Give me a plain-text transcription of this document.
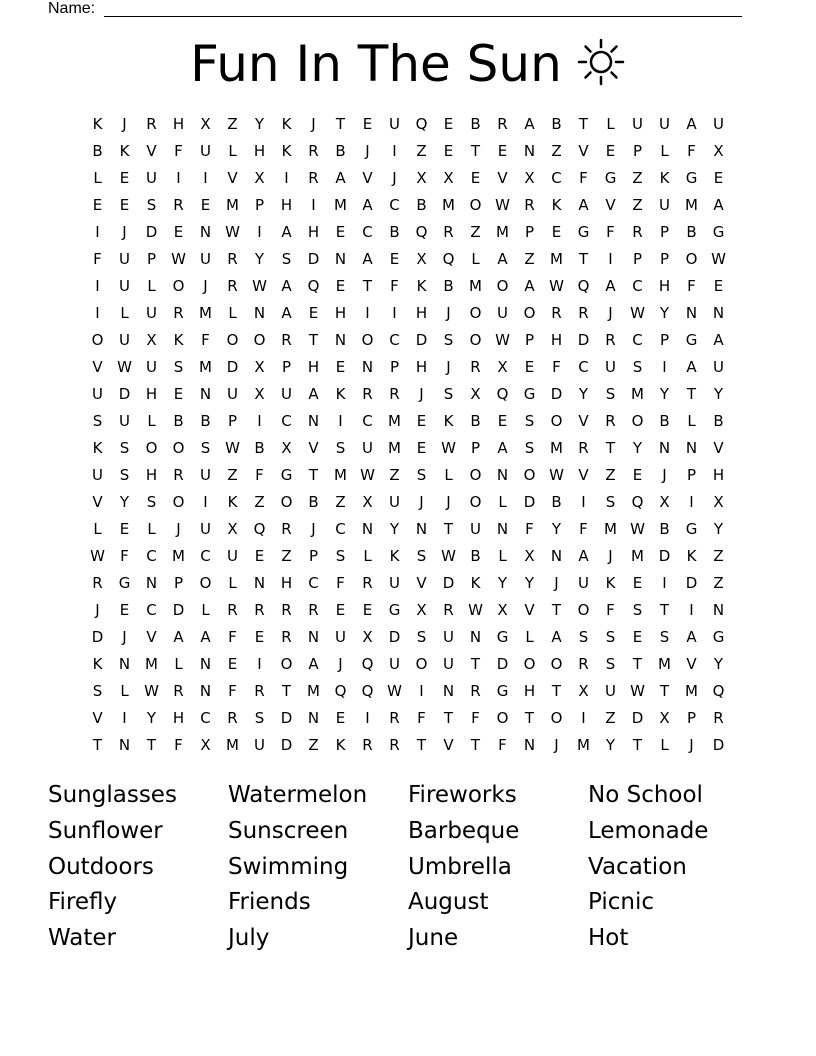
Name:
Fun In The Sun
K	J	R	H	X	Z	Y	K	J	T	E	U	Q	E	B	R	A	B	T	L	U	U	A	U
B	K	V	F	U	L	H	K	R	B	J	I	Z	E	T	E	N	Z	V	E	P	L	F	X
L	E	U	I	I	V	X	I	R	A	V	J	X	X	E	V	X	C	F	G	Z	K	G	E
E	E	S	R	E	M	P	H	I	M	A	C	B	M O W R	K	A	V	Z	U	M	A
I	J	D	E	N W	I	A	H	E	C	B	Q	R	Z	M	P	E	G	F	R	P	B	G
F	U	P	W U	R	Y	S	D	N	A	E	X	Q	L	A	Z	M	T	I	P	P	O W
I	U	L	O	J	R W A	Q	E	T	F	K	B	M O	A W Q	A	C	H	F	E
I	L	U	R	M	L	N	A	E	H	I	I	H	J	O	U	O	R	R	J	W Y	N	N
O	U	X	K	F	O	O	R	T	N	O	C	D	S	O W	P	H	D	R	C	P	G	A
V W U	S	M D	X	P	H	E	N	P	H	J	R	X	E	F	C	U	S	I	A	U
U	D	H	E	N	U	X	U	A	K	R	R	J	S	X	Q	G	D	Y	S	M	Y	T	Y
S	U	L	B	B	P	I	C	N	I	C	M	E	K	B	E	S	O	V	R	O	B	L	B
K	S	O	O	S W B	X	V	S	U	M	E W	P	A	S	M	R	T	Y	N	N	V
U	S	H	R	U	Z	F	G	T	M W Z	S	L	O	N	O W V	Z	E	J	P	H
V	Y	S	O	I	K	Z	O	B	Z	X	U	J	J	O	L	D	B	I	S	Q	X	I	X
L	E	L	J	U	X	Q	R	J	C	N	Y	N	T	U	N	F	Y	F	M W B	G	Y
W	F	C	M	C	U	E	Z	P	S	L	K	S W B	L	X	N	A	J	M D	K	Z
R	G	N	P	O	L	N	H	C	F	R	U	V	D	K	Y	Y	J	U	K	E	I	D	Z
J	E	C	D	L	R	R	R	R	E	E	G	X	R W X	V	T	O	F	S	T	I	N
D	J	V	A	A	F	E	R	N	U	X	D	S	U	N	G	L	A	S	S	E	S	A	G
K	N M	L	N	E	I	O	A	J	Q	U	O	U	T	D	O	O	R	S	T	M	V	Y
S	L	W R	N	F	R	T	M Q	Q W	I	N	R	G	H	T	X	U W T	M Q
V	I	Y	H	C	R	S	D	N	E	I	R	F	T	F	O	T	O	I	Z	D	X	P	R
T	N	T	F	X	M	U	D	Z	K	R	R	T	V	T	F	N	J	M	Y	T	L	J	D
Sunglasses	Watermelon	Fireworks	No School
Sunflower	Sunscreen	Barbeque	Lemonade
Outdoors	Swimming	Umbrella	Vacation
Firefly	Friends	August	Picnic
Water	July	June	Hot
